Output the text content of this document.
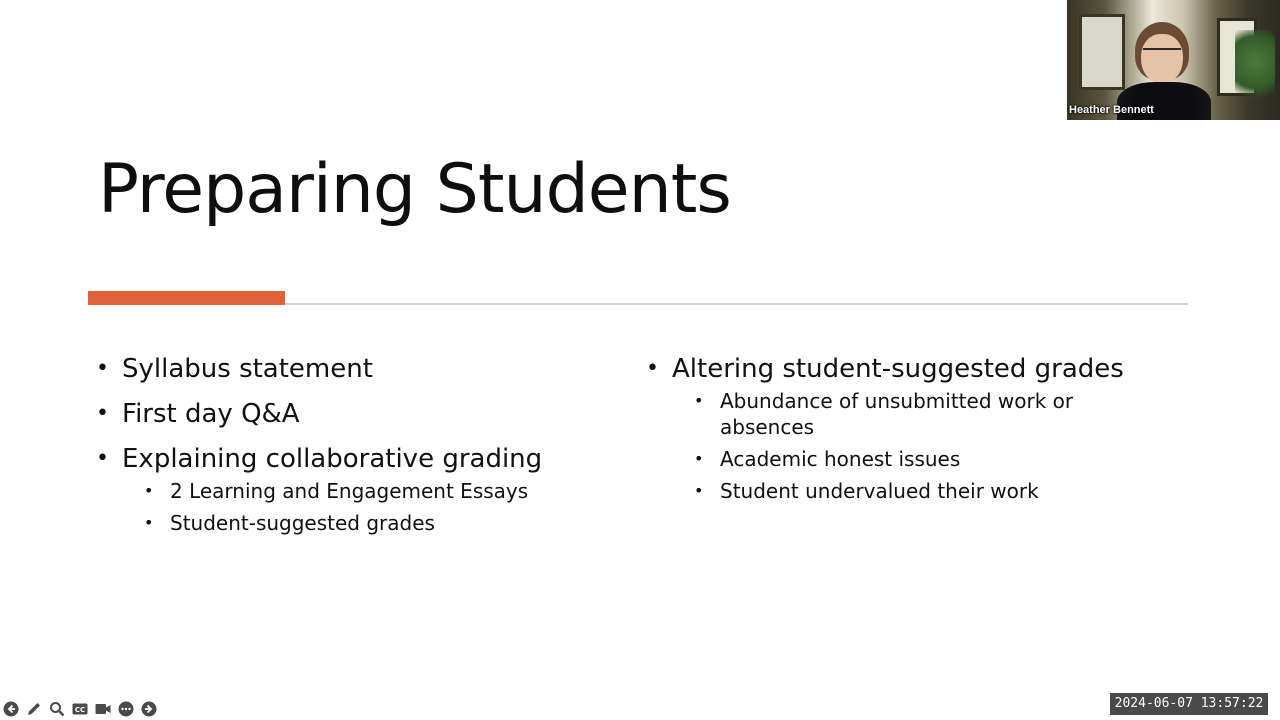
Preparing Students
• Syllabus statement
• First day Q&A
• Explaining collaborative grading
• 2 Learning and Engagement Essays
• Student-suggested grades
• Altering student-suggested grades
• Abundance of unsubmitted work or absences
• Academic honest issues
• Student undervalued their work
Heather Bennett
CC	2024-06-07 13:57:22
